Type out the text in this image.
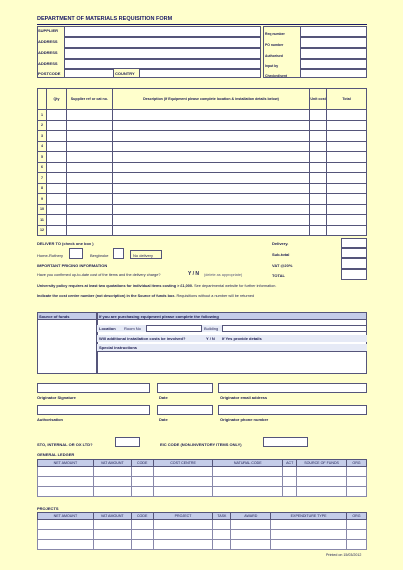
DEPARTMENT OF MATERIALS REQUISITION FORM
SUPPLIER
ADDRESS
ADDRESS
ADDRESS
POSTCODE	COUNTRY
Req number
PO number
Authorised
Input by
Checked/sent
	Qty	Supplier ref or cat no.	Description (If Equipment please complete location & installation details below)	Unit cost	Total
1					
2					
3					
4					
5					
6					
7					
8					
9					
10					
11					
12					
DELIVER TO (check one box )
Home-Rothery	Bergbroke	No delivery
Delivery.
Sub-total
VAT @20%
TOTAL
IMPORTANT PRICING INFORMATION
Have you confirmed up-to-date cost of the items and the delivery charge?	Y / N (delete as appropriate)
University policy requires at least two quotations for individual items costing > £1,000. See departmental website for further information.
Indicate the cost centre number (not description) in the Source of funds box. Requisitions without a number will be returned
Source of funds	If you are purchasing equipment please complete the following
Location Room No	Building
Will additional installation costs be involved?	Y / N If Yes provide details
Special instructions
Originator Signature	Date	Originator email address
Authorisation	Date	Originator phone number
STO, INTERNAL OR OX LTD?	EIC CODE (NON-INVENTORY ITEMS ONLY)
GENERAL LEDGER
NET AMOUNT	VAT AMOUNT	CODE	COST CENTRE	NATURAL CODE	ACT	SOURCE OF FUNDS	ORG

PROJECTS
NET AMOUNT	VAT AMOUNT	CODE	PROJECT	TASK	AWARD	EXPENDITURE TYPE	ORG

Printed on 15/03/2012
